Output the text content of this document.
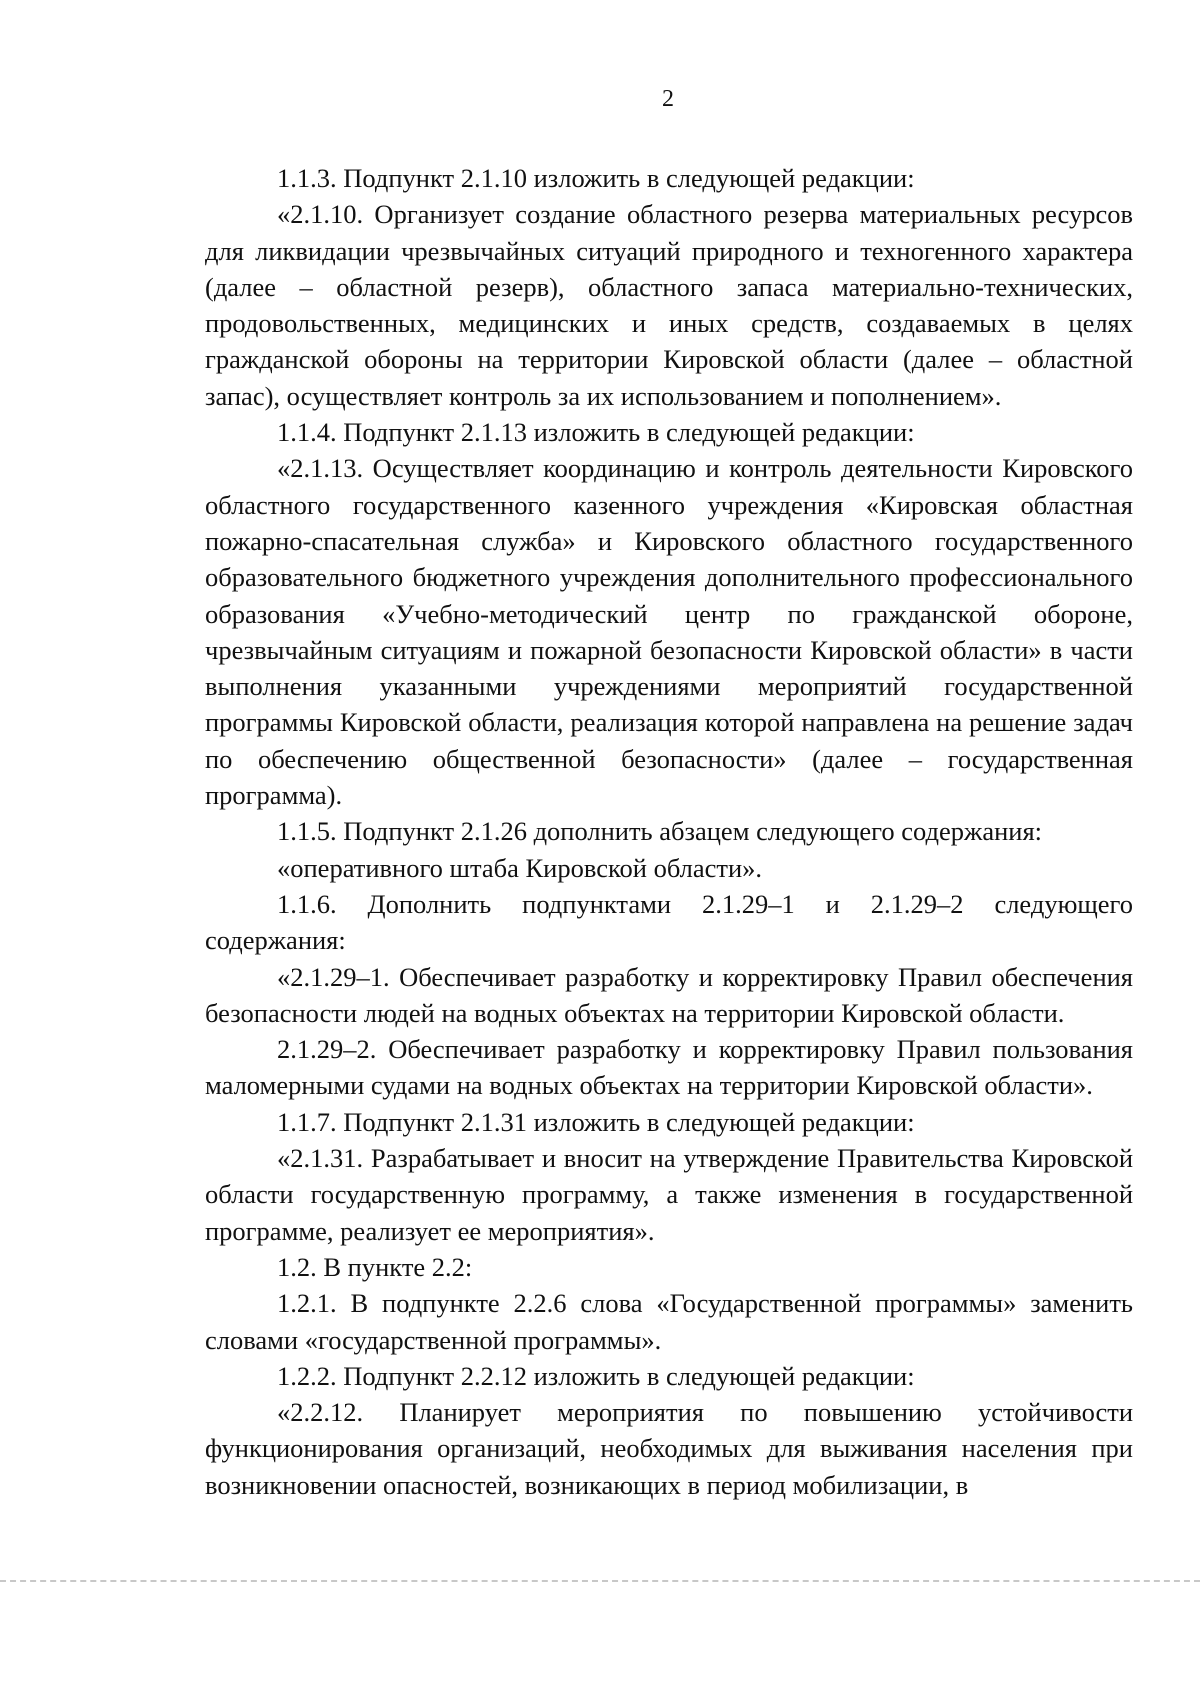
2

1.1.3. Подпункт 2.1.10 изложить в следующей редакции:

«2.1.10. Организует создание областного резерва материальных ресурсов для ликвидации чрезвычайных ситуаций природного и техногенного характера (далее – областной резерв), областного запаса материально-технических, продовольственных, медицинских и иных средств, создаваемых в целях гражданской обороны на территории Кировской области (далее – областной запас), осуществляет контроль за их использованием и пополнением».

1.1.4. Подпункт 2.1.13 изложить в следующей редакции:

«2.1.13. Осуществляет координацию и контроль деятельности Кировского областного государственного казенного учреждения «Кировская областная пожарно-спасательная служба» и Кировского областного государственного образовательного бюджетного учреждения дополнительного профессионального образования «Учебно-методический центр по гражданской обороне, чрезвычайным ситуациям и пожарной безопасности Кировской области» в части выполнения указанными учреждениями мероприятий государственной программы Кировской области, реализация которой направлена на решение задач по обеспечению общественной безопасности» (далее – государственная программа).

1.1.5. Подпункт 2.1.26 дополнить абзацем следующего содержания:

«оперативного штаба Кировской области».

1.1.6. Дополнить подпунктами 2.1.29–1 и 2.1.29–2 следующего содержания:

«2.1.29–1. Обеспечивает разработку и корректировку Правил обеспечения безопасности людей на водных объектах на территории Кировской области.

2.1.29–2. Обеспечивает разработку и корректировку Правил пользования маломерными судами на водных объектах на территории Кировской области».

1.1.7. Подпункт 2.1.31 изложить в следующей редакции:

«2.1.31. Разрабатывает и вносит на утверждение Правительства Кировской области государственную программу, а также изменения в государственной программе, реализует ее мероприятия».

1.2. В пункте 2.2:

1.2.1. В подпункте 2.2.6 слова «Государственной программы» заменить словами «государственной программы».

1.2.2. Подпункт 2.2.12 изложить в следующей редакции:

«2.2.12. Планирует мероприятия по повышению устойчивости функционирования организаций, необходимых для выживания населения при возникновении опасностей, возникающих в период мобилизации, в
